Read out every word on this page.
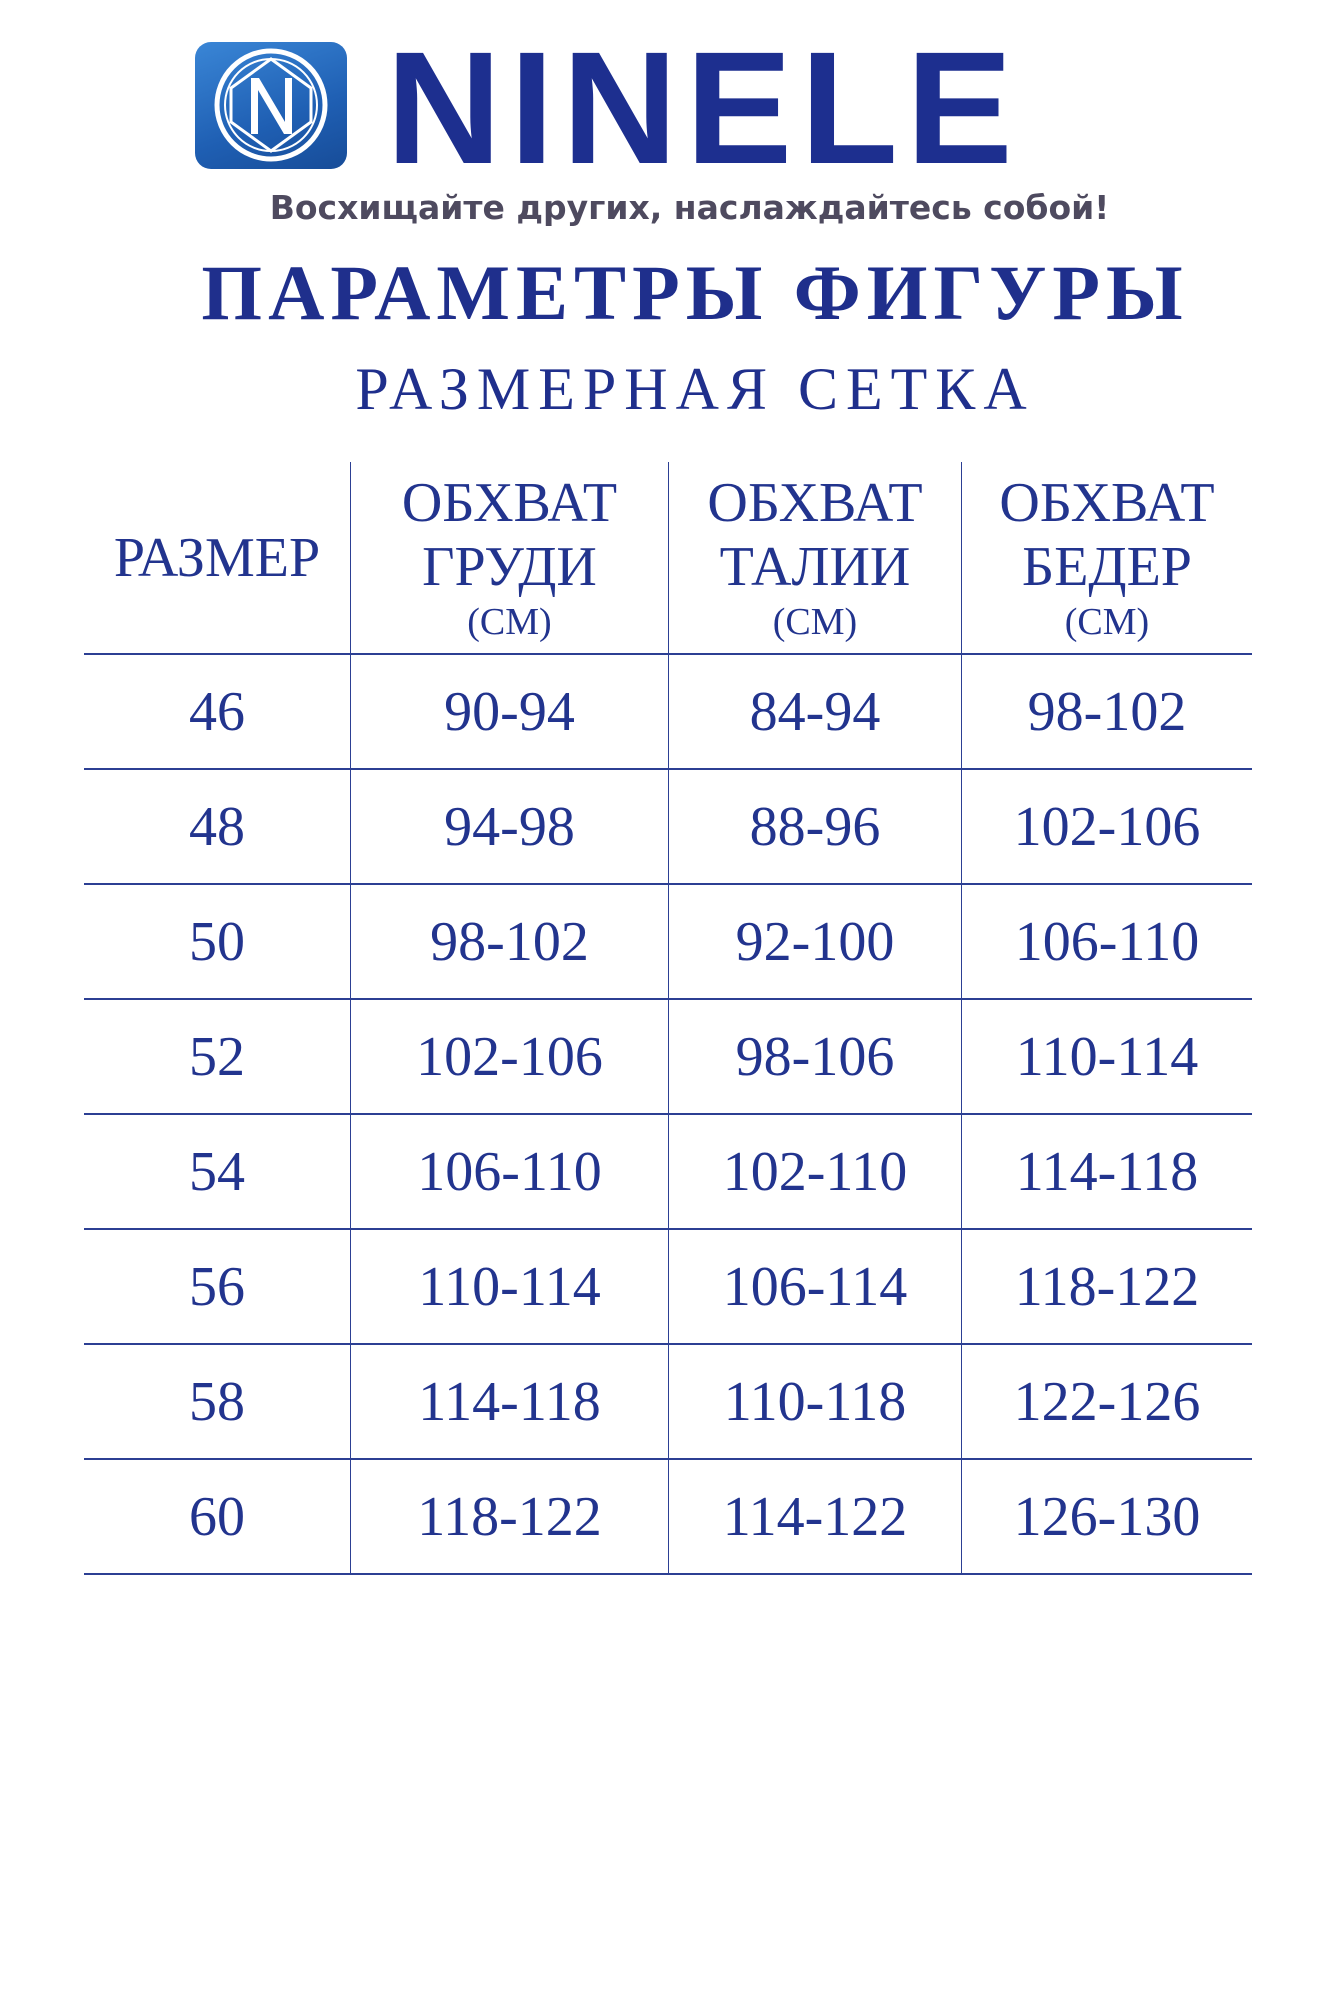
NINELE
Восхищайте других, наслаждайтесь собой!
ПАРАМЕТРЫ ФИГУРЫ
РАЗМЕРНАЯ СЕТКА
РАЗМЕР	ОБХВАТ
ГРУДИ
(СМ)	ОБХВАТ
ТАЛИИ
(СМ)	ОБХВАТ
БЕДЕР
(СМ)

46	90-94	84-94	98-102
48	94-98	88-96	102-106
50	98-102	92-100	106-110
52	102-106	98-106	110-114
54	106-110	102-110	114-118
56	110-114	106-114	118-122
58	114-118	110-118	122-126
60	118-122	114-122	126-130
